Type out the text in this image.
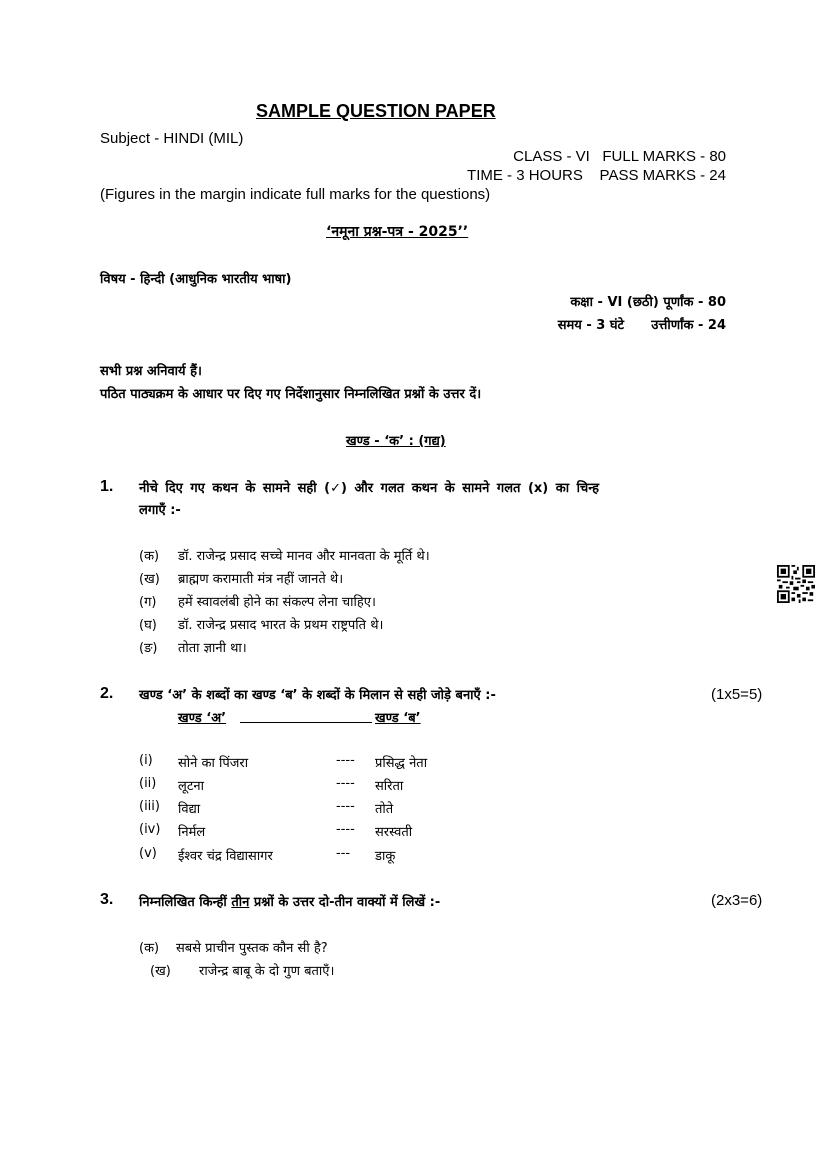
SAMPLE QUESTION PAPER
Subject - HINDI (MIL)
CLASS - VI   FULL MARKS - 80
TIME - 3 HOURS    PASS MARKS - 24
(Figures in the margin indicate full marks for the questions)
‘नमूना प्रश्न-पत्र - 2025’’
विषय - हिन्दी (आधुनिक भारतीय भाषा)
कक्षा - VI (छठी) पूर्णांक - 80
समय - 3 घंटे      उत्तीर्णांक - 24
सभी प्रश्न अनिवार्य हैं।
पठित पाठ्यक्रम के आधार पर दिए गए निर्देशानुसार निम्नलिखित प्रश्नों के उत्तर दें।
खण्ड - ‘क’ : (गद्य)
1. नीचे दिए गए कथन के सामने सही (✓) और गलत कथन के सामने गलत (x) का चिन्ह
लगाएँ :-
(क) डॉ. राजेन्द्र प्रसाद सच्चे मानव और मानवता के मूर्ति थे।
(ख) ब्राह्मण करामाती मंत्र नहीं जानते थे।
(ग) हमें स्वावलंबी होने का संकल्प लेना चाहिए।
(घ) डॉ. राजेन्द्र प्रसाद भारत के प्रथम राष्ट्रपति थे।
(ङ) तोता ज्ञानी था।
2. खण्ड ‘अ’ के शब्दों का खण्ड ‘ब’ के शब्दों के मिलान से सही जोड़े बनाएँ :-	(1x5=5)
खण्ड ‘अ’	खण्ड ‘ब’
(i) सोने का पिंजरा	---- प्रसिद्ध नेता
(ii) लूटना	---- सरिता
(iii) विद्या	---- तोते
(iv) निर्मल	---- सरस्वती
(v) ईश्वर चंद्र विद्यासागर	--- डाकू
3. निम्नलिखित किन्हीं तीन प्रश्नों के उत्तर दो-तीन वाक्यों में लिखें :-	(2x3=6)
(क) सबसे प्राचीन पुस्तक कौन सी है?
(ख) राजेन्द्र बाबू के दो गुण बताएँ।
